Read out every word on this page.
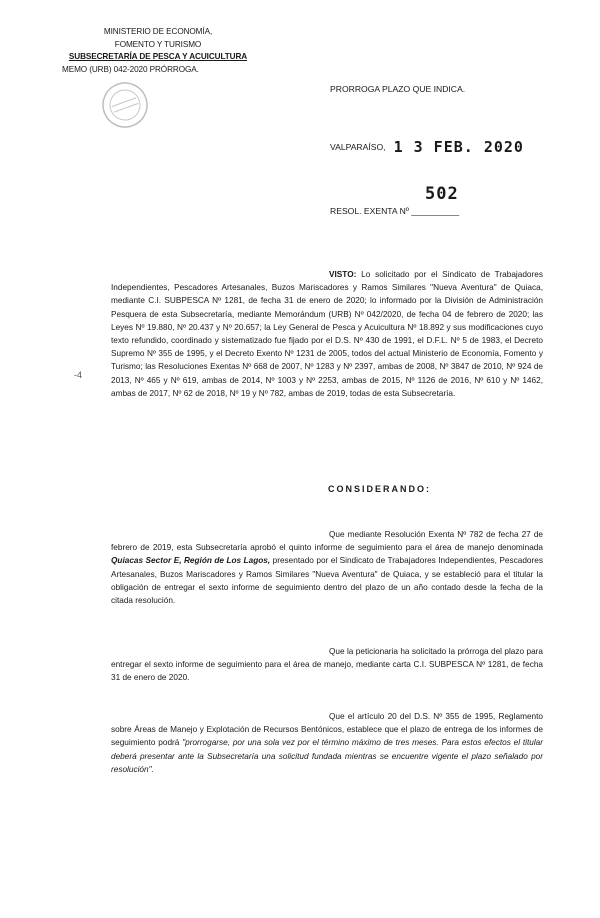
MINISTERIO DE ECONOMÍA,
FOMENTO Y TURISMO
SUBSECRETARÍA DE PESCA Y ACUICULTURA
MEMO (URB) 042-2020 PRÓRROGA.
PRORROGA PLAZO QUE INDICA.
VALPARAÍSO, 1 3 FEB. 2020
RESOL. EXENTA Nº __________
502
-4
VISTO: Lo solicitado por el Sindicato de Trabajadores Independientes, Pescadores Artesanales, Buzos Mariscadores y Ramos Similares "Nueva Aventura" de Quiaca, mediante C.I. SUBPESCA Nº 1281, de fecha 31 de enero de 2020; lo informado por la División de Administración Pesquera de esta Subsecretaría, mediante Memorándum (URB) Nº 042/2020, de fecha 04 de febrero de 2020; las Leyes Nº 19.880, Nº 20.437 y Nº 20.657; la Ley General de Pesca y Acuicultura Nº 18.892 y sus modificaciones cuyo texto refundido, coordinado y sistematizado fue fijado por el D.S. Nº 430 de 1991, el D.F.L. Nº 5 de 1983, el Decreto Supremo Nº 355 de 1995, y el Decreto Exento Nº 1231 de 2005, todos del actual Ministerio de Economía, Fomento y Turismo; las Resoluciones Exentas Nº 668 de 2007, Nº 1283 y Nº 2397, ambas de 2008, Nº 3847 de 2010, Nº 924 de 2013, Nº 465 y Nº 619, ambas de 2014, Nº 1003 y Nº 2253, ambas de 2015, Nº 1126 de 2016, Nº 610 y Nº 1462, ambas de 2017, Nº 62 de 2018, Nº 19 y Nº 782, ambas de 2019, todas de esta Subsecretaría.
CONSIDERANDO:
Que mediante Resolución Exenta Nº 782 de fecha 27 de febrero de 2019, esta Subsecretaría aprobó el quinto informe de seguimiento para el área de manejo denominada Quiacas Sector E, Región de Los Lagos, presentado por el Sindicato de Trabajadores Independientes, Pescadores Artesanales, Buzos Mariscadores y Ramos Similares "Nueva Aventura" de Quiaca, y se estableció para el titular la obligación de entregar el sexto informe de seguimiento dentro del plazo de un año contado desde la fecha de la citada resolución.
Que la peticionaria ha solicitado la prórroga del plazo para entregar el sexto informe de seguimiento para el área de manejo, mediante carta C.I. SUBPESCA Nº 1281, de fecha 31 de enero de 2020.
Que el artículo 20 del D.S. Nº 355 de 1995, Reglamento sobre Áreas de Manejo y Explotación de Recursos Bentónicos, establece que el plazo de entrega de los informes de seguimiento podrá "prorrogarse, por una sola vez por el término máximo de tres meses. Para estos efectos el titular deberá presentar ante la Subsecretaría una solicitud fundada mientras se encuentre vigente el plazo señalado por resolución".
